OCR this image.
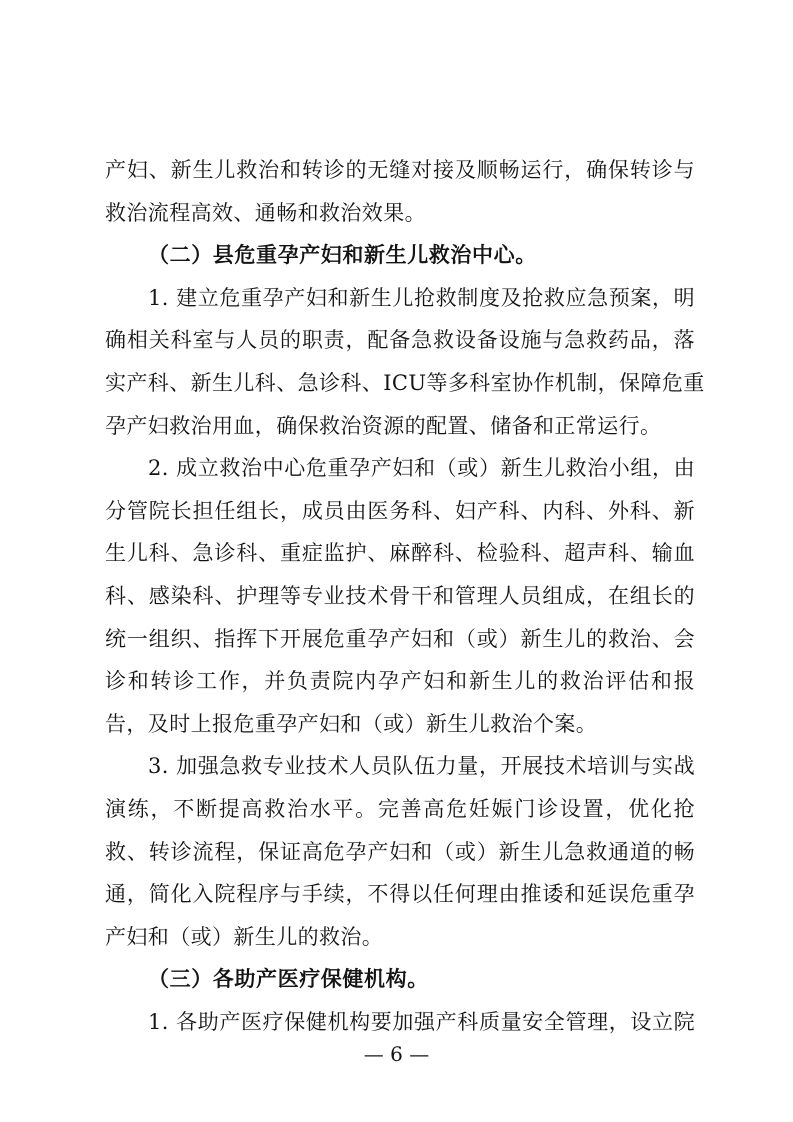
产妇、新生儿救治和转诊的无缝对接及顺畅运行，确保转诊与
救治流程高效、通畅和救治效果。
（二）县危重孕产妇和新生儿救治中心。
1. 建立危重孕产妇和新生儿抢救制度及抢救应急预案，明
确相关科室与人员的职责，配备急救设备设施与急救药品，落
实产科、新生儿科、急诊科、ICU等多科室协作机制，保障危重
孕产妇救治用血，确保救治资源的配置、储备和正常运行。
2. 成立救治中心危重孕产妇和（或）新生儿救治小组，由
分管院长担任组长，成员由医务科、妇产科、内科、外科、新
生儿科、急诊科、重症监护、麻醉科、检验科、超声科、输血
科、感染科、护理等专业技术骨干和管理人员组成，在组长的
统一组织、指挥下开展危重孕产妇和（或）新生儿的救治、会
诊和转诊工作，并负责院内孕产妇和新生儿的救治评估和报
告，及时上报危重孕产妇和（或）新生儿救治个案。
3. 加强急救专业技术人员队伍力量，开展技术培训与实战
演练，不断提高救治水平。完善高危妊娠门诊设置，优化抢
救、转诊流程，保证高危孕产妇和（或）新生儿急救通道的畅
通，简化入院程序与手续，不得以任何理由推诿和延误危重孕
产妇和（或）新生儿的救治。
（三）各助产医疗保健机构。
1. 各助产医疗保健机构要加强产科质量安全管理，设立院
— 6 —
